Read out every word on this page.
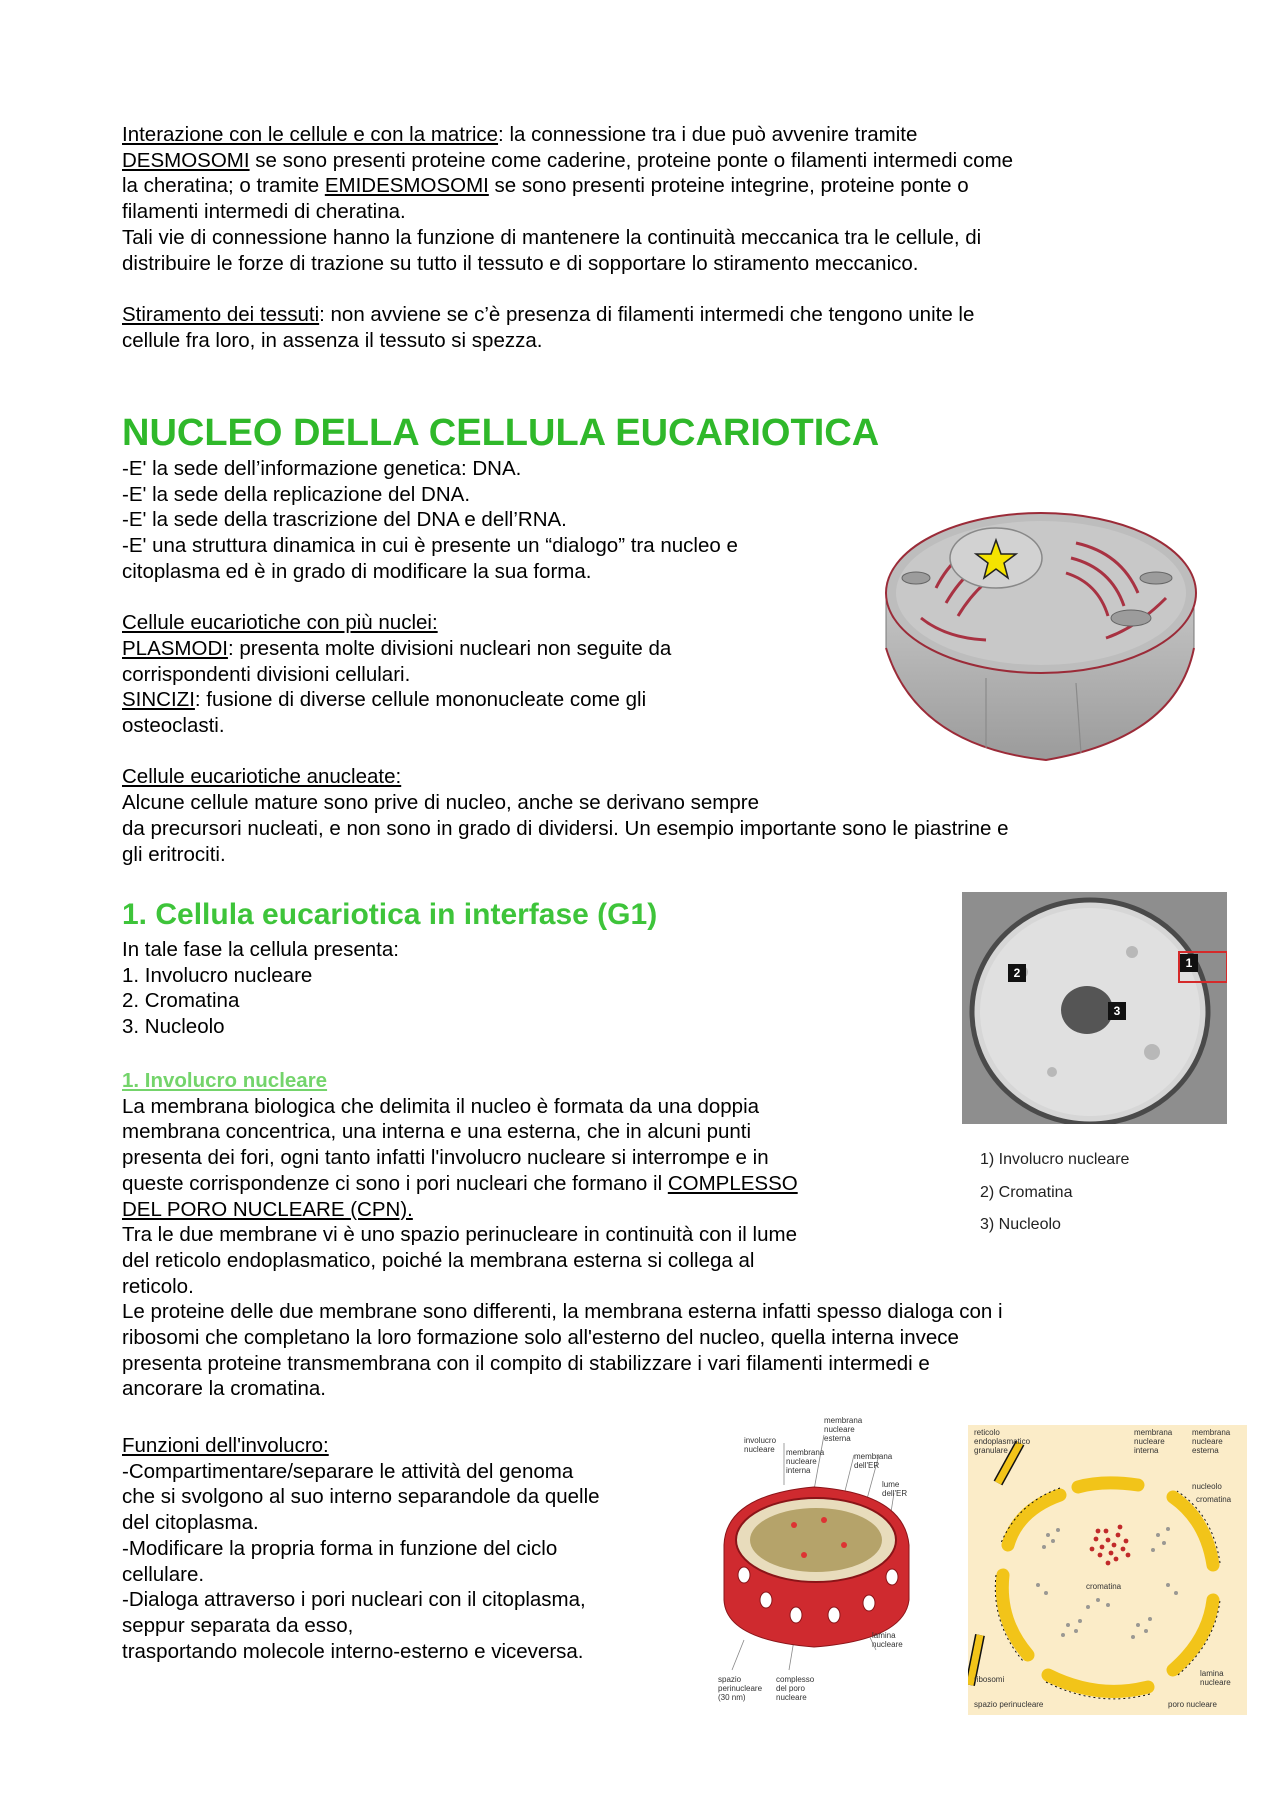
Interazione con le cellule e con la matrice: la connessione tra i due può avvenire tramite

DESMOSOMI se sono presenti proteine come caderine, proteine ponte o filamenti intermedi come

la cheratina; o tramite EMIDESMOSOMI se sono presenti proteine integrine, proteine ponte o

filamenti intermedi di cheratina.

Tali vie di connessione hanno la funzione di mantenere la continuità meccanica tra le cellule, di

distribuire le forze di trazione su tutto il tessuto e di sopportare lo stiramento meccanico.

Stiramento dei tessuti: non avviene se c’è presenza di filamenti intermedi che tengono unite le

cellule fra loro, in assenza il tessuto si spezza.

NUCLEO DELLA CELLULA EUCARIOTICA

-E' la sede dell’informazione genetica: DNA.

-E' la sede della replicazione del DNA.

-E' la sede della trascrizione del DNA e dell’RNA.

-E' una struttura dinamica in cui è presente un “dialogo” tra nucleo e

citoplasma ed è in grado di modificare la sua forma.

Cellule eucariotiche con più nuclei:

PLASMODI: presenta molte divisioni nucleari non seguite da

corrispondenti divisioni cellulari.

SINCIZI: fusione di diverse cellule mononucleate come gli

osteoclasti.

Cellule eucariotiche anucleate:

Alcune cellule mature sono prive di nucleo, anche se derivano sempre

da precursori nucleati, e non sono in grado di dividersi. Un esempio importante sono le piastrine e

gli eritrociti.

1. Cellula eucariotica in interfase (G1)

In tale fase la cellula presenta:

1. Involucro nucleare

2. Cromatina

3. Nucleolo

1
2
3

1) Involucro nucleare

2) Cromatina

3) Nucleolo

1. Involucro nucleare

La membrana biologica che delimita il nucleo è formata da una doppia

membrana concentrica, una interna e una esterna, che in alcuni punti

presenta dei fori, ogni tanto infatti l'involucro nucleare si interrompe e in

queste corrispondenze ci sono i pori nucleari che formano il COMPLESSO

DEL PORO NUCLEARE (CPN).

Tra le due membrane vi è uno spazio perinucleare in continuità con il lume

del reticolo endoplasmatico, poiché la membrana esterna si collega al

reticolo.

Le proteine delle due membrane sono differenti, la membrana esterna infatti spesso dialoga con i

ribosomi che completano la loro formazione solo all'esterno del nucleo, quella interna invece

presenta proteine transmembrana con il compito di stabilizzare i vari filamenti intermedi e

ancorare la cromatina.

Funzioni dell'involucro:

-Compartimentare/separare le attività del genoma

che si svolgono al suo interno separandole da quelle

del citoplasma.

-Modificare la propria forma in funzione del ciclo

cellulare.

-Dialoga attraverso i pori nucleari con il citoplasma,

seppur separata da esso,

trasportando molecole interno-esterno e viceversa.

involucro
nucleare
membrana
nucleare
esterna
membrana
nucleare
interna
membrana
dell'ER
lume
dell'ER
lamina
nucleare
spazio
perinucleare
(30 nm)
complesso
del poro
nucleare
reticolo
endoplasmatico
granulare
membrana
nucleare
interna
membrana
nucleare
esterna
nucleolo
cromatina
cromatina
ribosomi
lamina
nucleare
spazio perinucleare	poro nucleare
